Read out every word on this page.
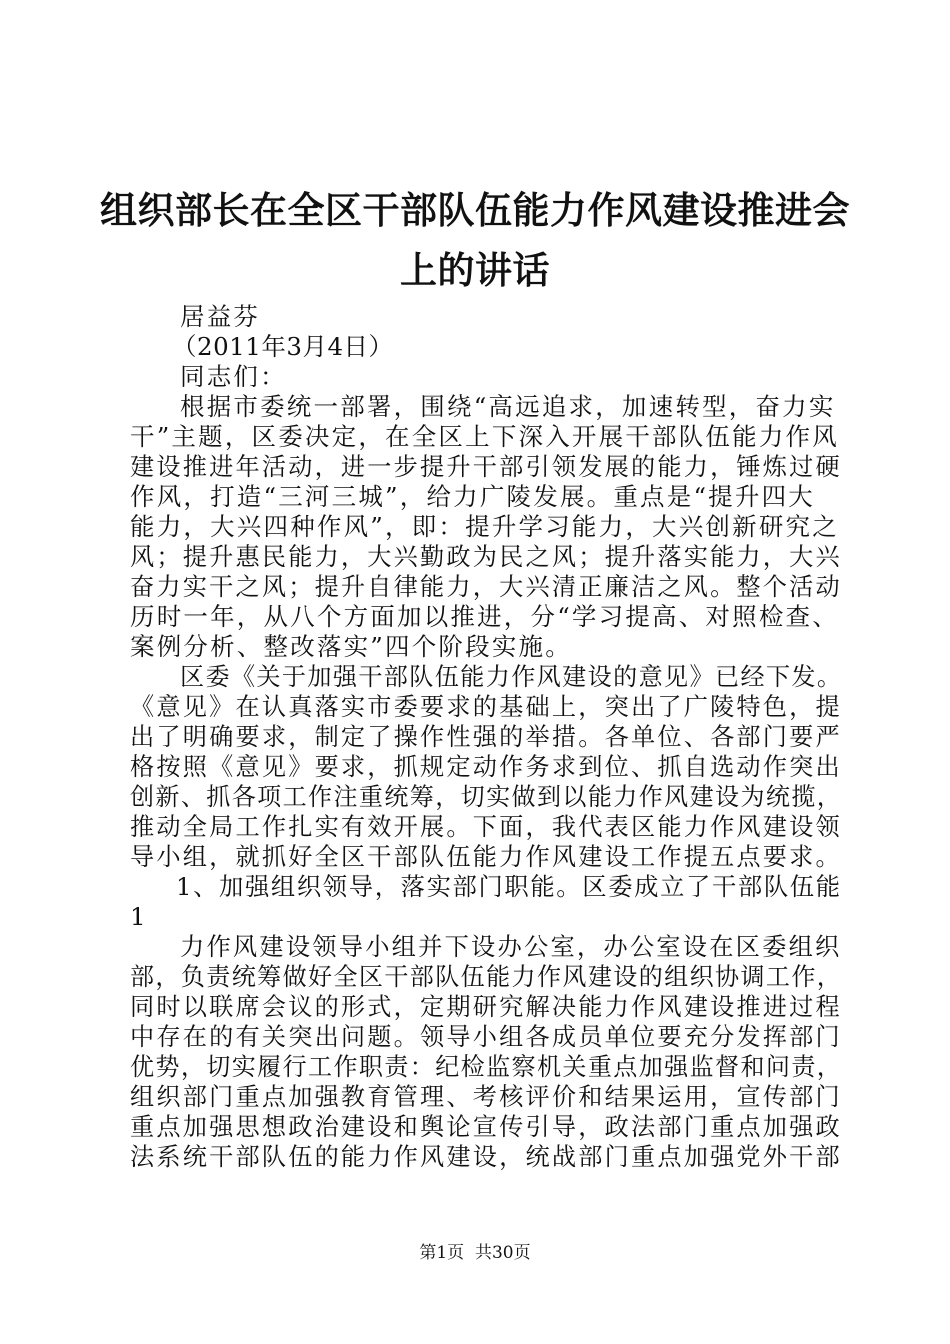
组织部长在全区干部队伍能力作风建设推进会
上的讲话
居益芬
（2011年3月4日）
同志们：
根据市委统一部署，围绕“高远追求，加速转型，奋力实
干”主题，区委决定，在全区上下深入开展干部队伍能力作风
建设推进年活动，进一步提升干部引领发展的能力，锤炼过硬
作风，打造“三河三城”，给力广陵发展。重点是“提升四大
能力，大兴四种作风”，即：提升学习能力，大兴创新研究之
风；提升惠民能力，大兴勤政为民之风；提升落实能力，大兴
奋力实干之风；提升自律能力，大兴清正廉洁之风。整个活动
历时一年，从八个方面加以推进，分“学习提高、对照检查、
案例分析、整改落实”四个阶段实施。
区委《关于加强干部队伍能力作风建设的意见》已经下发。
《意见》在认真落实市委要求的基础上，突出了广陵特色，提
出了明确要求，制定了操作性强的举措。各单位、各部门要严
格按照《意见》要求，抓规定动作务求到位、抓自选动作突出
创新、抓各项工作注重统筹，切实做到以能力作风建设为统揽，
推动全局工作扎实有效开展。下面，我代表区能力作风建设领
导小组，就抓好全区干部队伍能力作风建设工作提五点要求。
1、加强组织领导，落实部门职能。区委成立了干部队伍能
1
力作风建设领导小组并下设办公室，办公室设在区委组织
部，负责统筹做好全区干部队伍能力作风建设的组织协调工作，
同时以联席会议的形式，定期研究解决能力作风建设推进过程
中存在的有关突出问题。领导小组各成员单位要充分发挥部门
优势，切实履行工作职责：纪检监察机关重点加强监督和问责，
组织部门重点加强教育管理、考核评价和结果运用，宣传部门
重点加强思想政治建设和舆论宣传引导，政法部门重点加强政
法系统干部队伍的能力作风建设，统战部门重点加强党外干部
第1页  共30页
